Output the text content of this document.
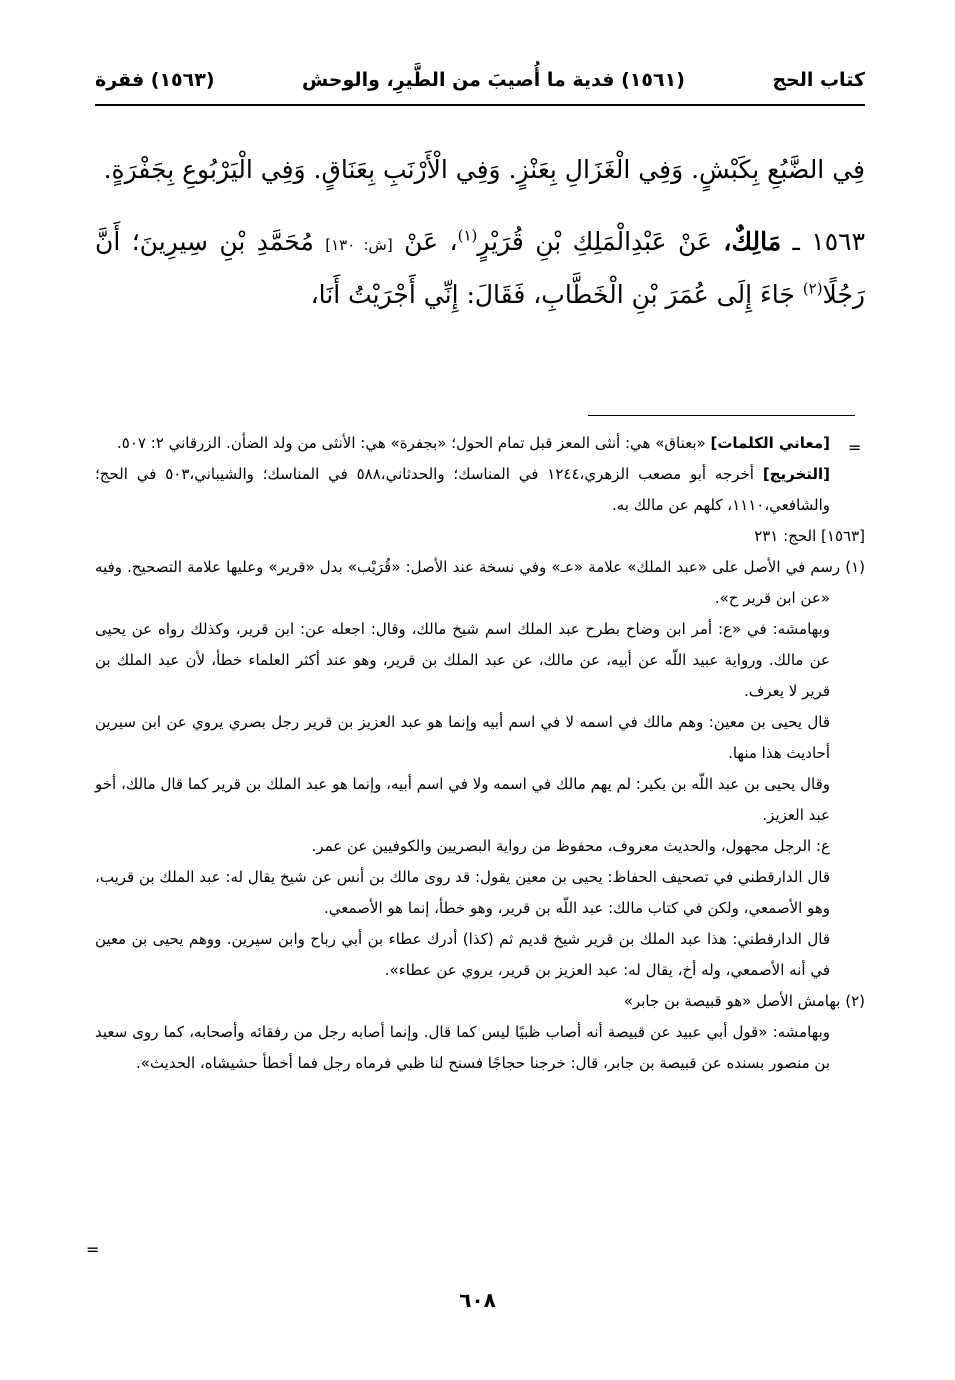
كتاب الحج
(١٥٦١) فدية ما أُصيبَ من الطَّيرِ، والوحش
(١٥٦٣) فقرة

فِي الضَّبُعِ بِكَبْشٍ. وَفِي الْغَزَالِ بِعَنْزٍ. وَفِي الْأَرْنَبِ بِعَنَاقٍ. وَفِي الْيَرْبُوعِ بِجَفْرَةٍ.

١٥٦٣ ـ مَالِكٌ، عَنْ عَبْدِالْمَلِكِ بْنِ قُرَيْرٍ$^{(١)}$، عَنْ [ش: ١٣٠] مُحَمَّدِ بْنِ سِيرِينَ؛ أَنَّ رَجُلًا$^{(٢)}$ جَاءَ إِلَى عُمَرَ بْنِ الْخَطَّابِ، فَقَالَ: إِنِّي أَجْرَيْتُ أَنَا،

=

[معاني الكلمات] «بعناق» هي: أنثى المعز قبل تمام الحول؛ «بجفرة» هي: الأنثى من ولد الضأن. الزرقاني ٢: ٥٠٧.

[التخريج] أخرجه أبو مصعب الزهري،١٢٤٤ في المناسك؛ والحدثاني،٥٨٨ في المناسك؛ والشيباني،٥٠٣ في الحج؛ والشافعي،١١١٠، كلهم عن مالك به.

[١٥٦٣] الحج: ٢٣١

(١) رسم في الأصل على «عبد الملك» علامة «عـ» وفي نسخة عند الأصل: «قُرَيْب» بدل «قرير» وعليها علامة التصحيح. وفيه «عن ابن قرير ح».

وبهامشه: في «ع: أمر ابن وضاح بطرح عبد الملك اسم شيخ مالك، وقال: اجعله عن: ابن قرير، وكذلك رواه عن يحيى عن مالك. ورواية عبيد اللّه عن أبيه، عن مالك، عن عبد الملك بن قرير، وهو عند أكثر العلماء خطأ، لأن عبد الملك بن قرير لا يعرف.

قال يحيى بن معين: وهم مالك في اسمه لا في اسم أبيه وإنما هو عبد العزيز بن قرير رجل بصري يروي عن ابن سيرين أحاديث هذا منها.

وقال يحيى بن عبد اللّه بن بكير: لم يهم مالك في اسمه ولا في اسم أبيه، وإنما هو عبد الملك بن قرير كما قال مالك، أخو عبد العزيز.

ع: الرجل مجهول، والحديث معروف، محفوظ من رواية البصريين والكوفيين عن عمر.

قال الدارقطني في تصحيف الحفاظ: يحيى بن معين يقول: قد روى مالك بن أنس عن شيخ يقال له: عبد الملك بن قريب، وهو الأصمعي، ولكن في كتاب مالك: عبد اللّه بن قرير، وهو خطأ، إنما هو الأصمعي.

قال الدارقطني: هذا عبد الملك بن قرير شيخ قديم ثم (كذا) أدرك عطاء بن أبي رباح وابن سيرين. ووهم يحيى بن معين في أنه الأصمعي، وله أخ، يقال له: عبد العزيز بن قرير، يروي عن عطاء».

(٢) بهامش الأصل «هو قبيصة بن جابر»

وبهامشه: «قول أبي عبيد عن قبيصة أنه أصاب ظبيًا ليس كما قال. وإنما أصابه رجل من رفقائه وأصحابه، كما روى سعيد بن منصور بسنده عن قبيصة بن جابر، قال: خرجنا حجاجًا فسنح لنا ظبي فرماه رجل فما أخطأ حشيشاه، الحديث».

=
٦٠٨
